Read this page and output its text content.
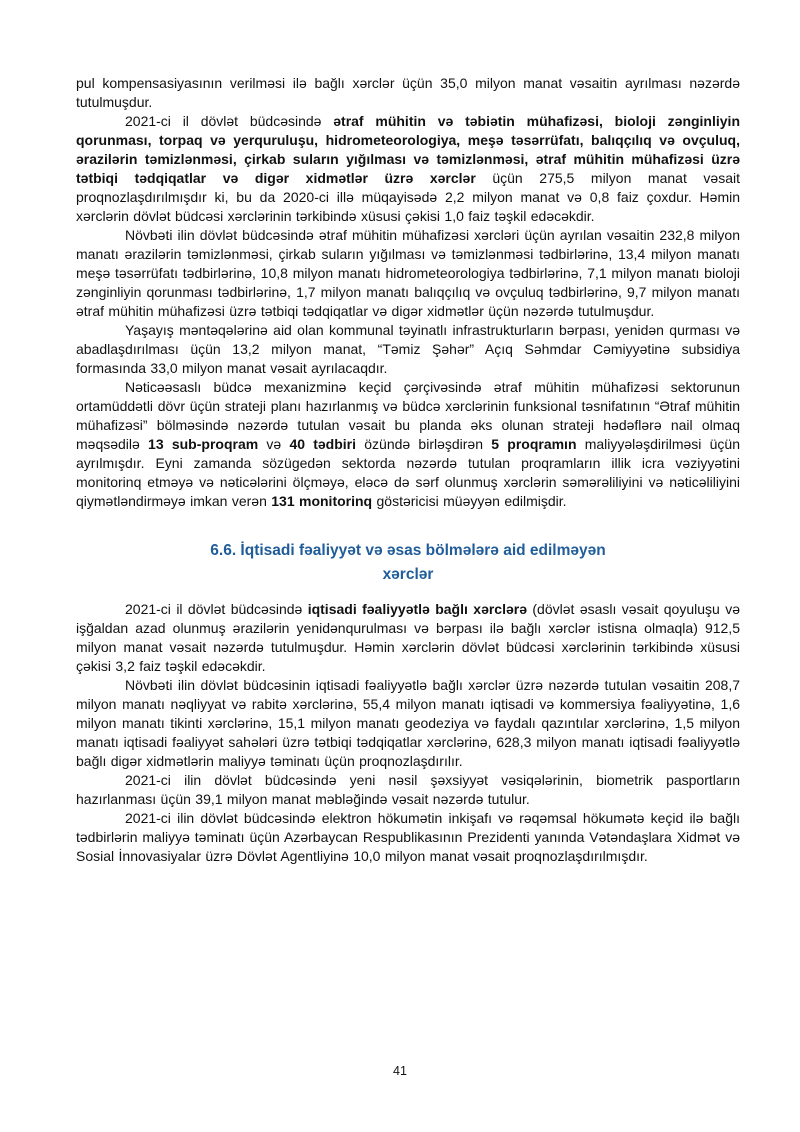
pul kompensasiyasının verilməsi ilə bağlı xərclər üçün 35,0 milyon manat vəsaitin ayrılması nəzərdə tutulmuşdur.

2021-ci il dövlət büdcəsində ətraf mühitin və təbiətin mühafizəsi, bioloji zənginliyin qorunması, torpaq və yerquruluşu, hidrometeorologiya, meşə təsərrüfatı, balıqçılıq və ovçuluq, ərazilərin təmizlənməsi, çirkab suların yığılması və təmizlənməsi, ətraf mühitin mühafizəsi üzrə tətbiqi tədqiqatlar və digər xidmətlər üzrə xərclər üçün 275,5 milyon manat vəsait proqnozlaşdırılmışdır ki, bu da 2020-ci illə müqayisədə 2,2 milyon manat və 0,8 faiz çoxdur. Həmin xərclərin dövlət büdcəsi xərclərinin tərkibində xüsusi çəkisi 1,0 faiz təşkil edəcəkdir.

Növbəti ilin dövlət büdcəsində ətraf mühitin mühafizəsi xərcləri üçün ayrılan vəsaitin 232,8 milyon manatı ərazilərin təmizlənməsi, çirkab suların yığılması və təmizlənməsi tədbirlərinə, 13,4 milyon manatı meşə təsərrüfatı tədbirlərinə, 10,8 milyon manatı hidrometeorologiya tədbirlərinə, 7,1 milyon manatı bioloji zənginliyin qorunması tədbirlərinə, 1,7 milyon manatı balıqçılıq və ovçuluq tədbirlərinə, 9,7 milyon manatı ətraf mühitin mühafizəsi üzrə tətbiqi tədqiqatlar və digər xidmətlər üçün nəzərdə tutulmuşdur.

Yaşayış məntəqələrinə aid olan kommunal təyinatlı infrastrukturların bərpası, yenidən qurması və abadlaşdırılması üçün 13,2 milyon manat, “Təmiz Şəhər” Açıq Səhmdar Cəmiyyətinə subsidiya formasında 33,0 milyon manat vəsait ayrılacaqdır.

Nəticəəsaslı büdcə mexanizminə keçid çərçivəsində ətraf mühitin mühafizəsi sektorunun ortamüddətli dövr üçün strateji planı hazırlanmış və büdcə xərclərinin funksional təsnifatının “Ətraf mühitin mühafizəsi” bölməsində nəzərdə tutulan vəsait bu planda əks olunan strateji hədəflərə nail olmaq məqsədilə 13 sub-proqram və 40 tədbiri özündə birləşdirən 5 proqramın maliyyələşdirilməsi üçün ayrılmışdır. Eyni zamanda sözügedən sektorda nəzərdə tutulan proqramların illik icra vəziyyətini monitorinq etməyə və nəticələrini ölçməyə, eləcə də sərf olunmuş xərclərin səmərəliliyini və nəticəliliyini qiymətləndirməyə imkan verən 131 monitorinq göstəricisi müəyyən edilmişdir.

6.6. İqtisadi fəaliyyət və əsas bölmələrə aid edilməyən
xərclər

2021-ci il dövlət büdcəsində iqtisadi fəaliyyətlə bağlı xərclərə (dövlət əsaslı vəsait qoyuluşu və işğaldan azad olunmuş ərazilərin yenidənqurulması və bərpası ilə bağlı xərclər istisna olmaqla) 912,5 milyon manat vəsait nəzərdə tutulmuşdur. Həmin xərclərin dövlət büdcəsi xərclərinin tərkibində xüsusi çəkisi 3,2 faiz təşkil edəcəkdir.

Növbəti ilin dövlət büdcəsinin iqtisadi fəaliyyətlə bağlı xərclər üzrə nəzərdə tutulan vəsaitin 208,7 milyon manatı nəqliyyat və rabitə xərclərinə, 55,4 milyon manatı iqtisadi və kommersiya fəaliyyətinə, 1,6 milyon manatı tikinti xərclərinə, 15,1 milyon manatı geodeziya və faydalı qazıntılar xərclərinə, 1,5 milyon manatı iqtisadi fəaliyyət sahələri üzrə tətbiqi tədqiqatlar xərclərinə, 628,3 milyon manatı iqtisadi fəaliyyətlə bağlı digər xidmətlərin maliyyə təminatı üçün proqnozlaşdırılır.

2021-ci ilin dövlət büdcəsində yeni nəsil şəxsiyyət vəsiqələrinin, biometrik pasportların hazırlanması üçün 39,1 milyon manat məbləğində vəsait nəzərdə tutulur.

2021-ci ilin dövlət büdcəsində elektron hökumətin inkişafı və rəqəmsal hökumətə keçid ilə bağlı tədbirlərin maliyyə təminatı üçün Azərbaycan Respublikasının Prezidenti yanında Vətəndaşlara Xidmət və Sosial İnnovasiyalar üzrə Dövlət Agentliyinə 10,0 milyon manat vəsait proqnozlaşdırılmışdır.

41
